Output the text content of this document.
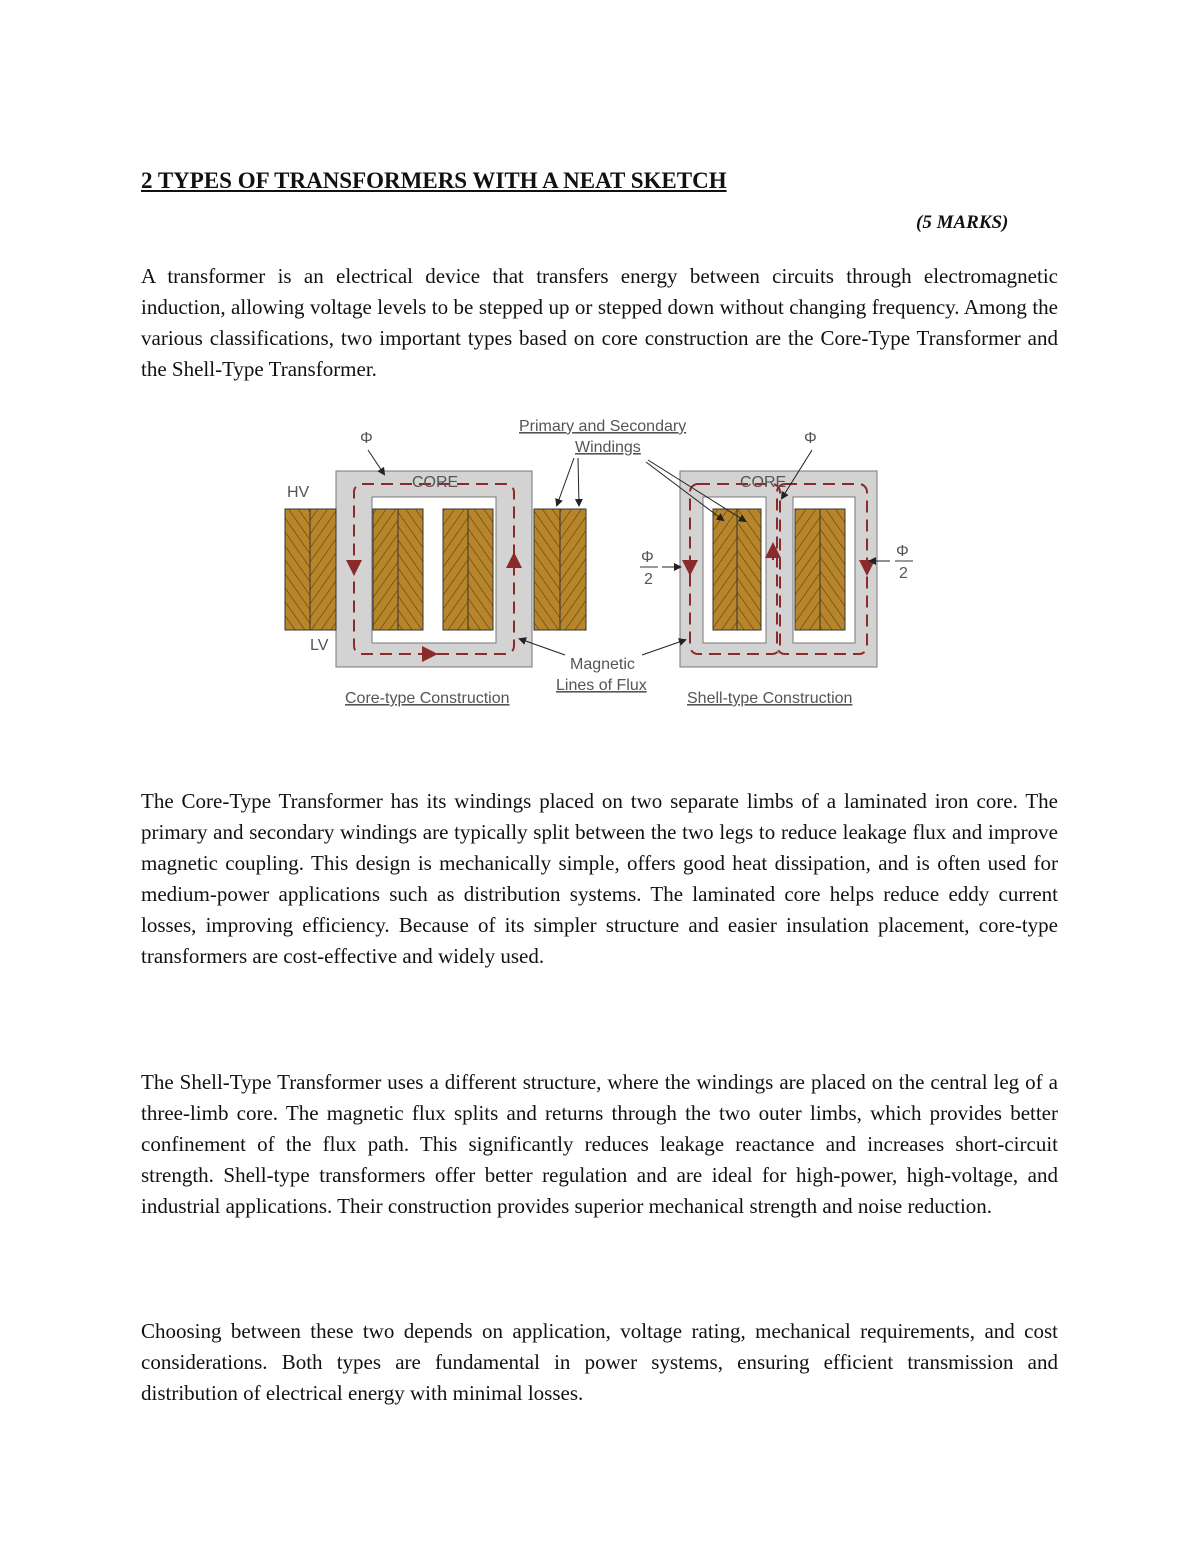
2 TYPES OF TRANSFORMERS WITH A NEAT SKETCH
(5 MARKS)
A transformer is an electrical device that transfers energy between circuits through electromagnetic induction, allowing voltage levels to be stepped up or stepped down without changing frequency. Among the various classifications, two important types based on core construction are the Core-Type Transformer and the Shell-Type Transformer.
CORE
HV
LV
Φ
Core-type Construction
CORE
Φ
Φ
2
Φ
2
Shell-type Construction
Primary and Secondary
Windings
Magnetic
Lines of Flux
The Core-Type Transformer has its windings placed on two separate limbs of a laminated iron core. The primary and secondary windings are typically split between the two legs to reduce leakage flux and improve magnetic coupling. This design is mechanically simple, offers good heat dissipation, and is often used for medium-power applications such as distribution systems. The laminated core helps reduce eddy current losses, improving efficiency. Because of its simpler structure and easier insulation placement, core-type transformers are cost-effective and widely used.
The Shell-Type Transformer uses a different structure, where the windings are placed on the central leg of a three-limb core. The magnetic flux splits and returns through the two outer limbs, which provides better confinement of the flux path. This significantly reduces leakage reactance and increases short-circuit strength. Shell-type transformers offer better regulation and are ideal for high-power, high-voltage, and industrial applications. Their construction provides superior mechanical strength and noise reduction.
Choosing between these two depends on application, voltage rating, mechanical requirements, and cost considerations. Both types are fundamental in power systems, ensuring efficient transmission and distribution of electrical energy with minimal losses.
